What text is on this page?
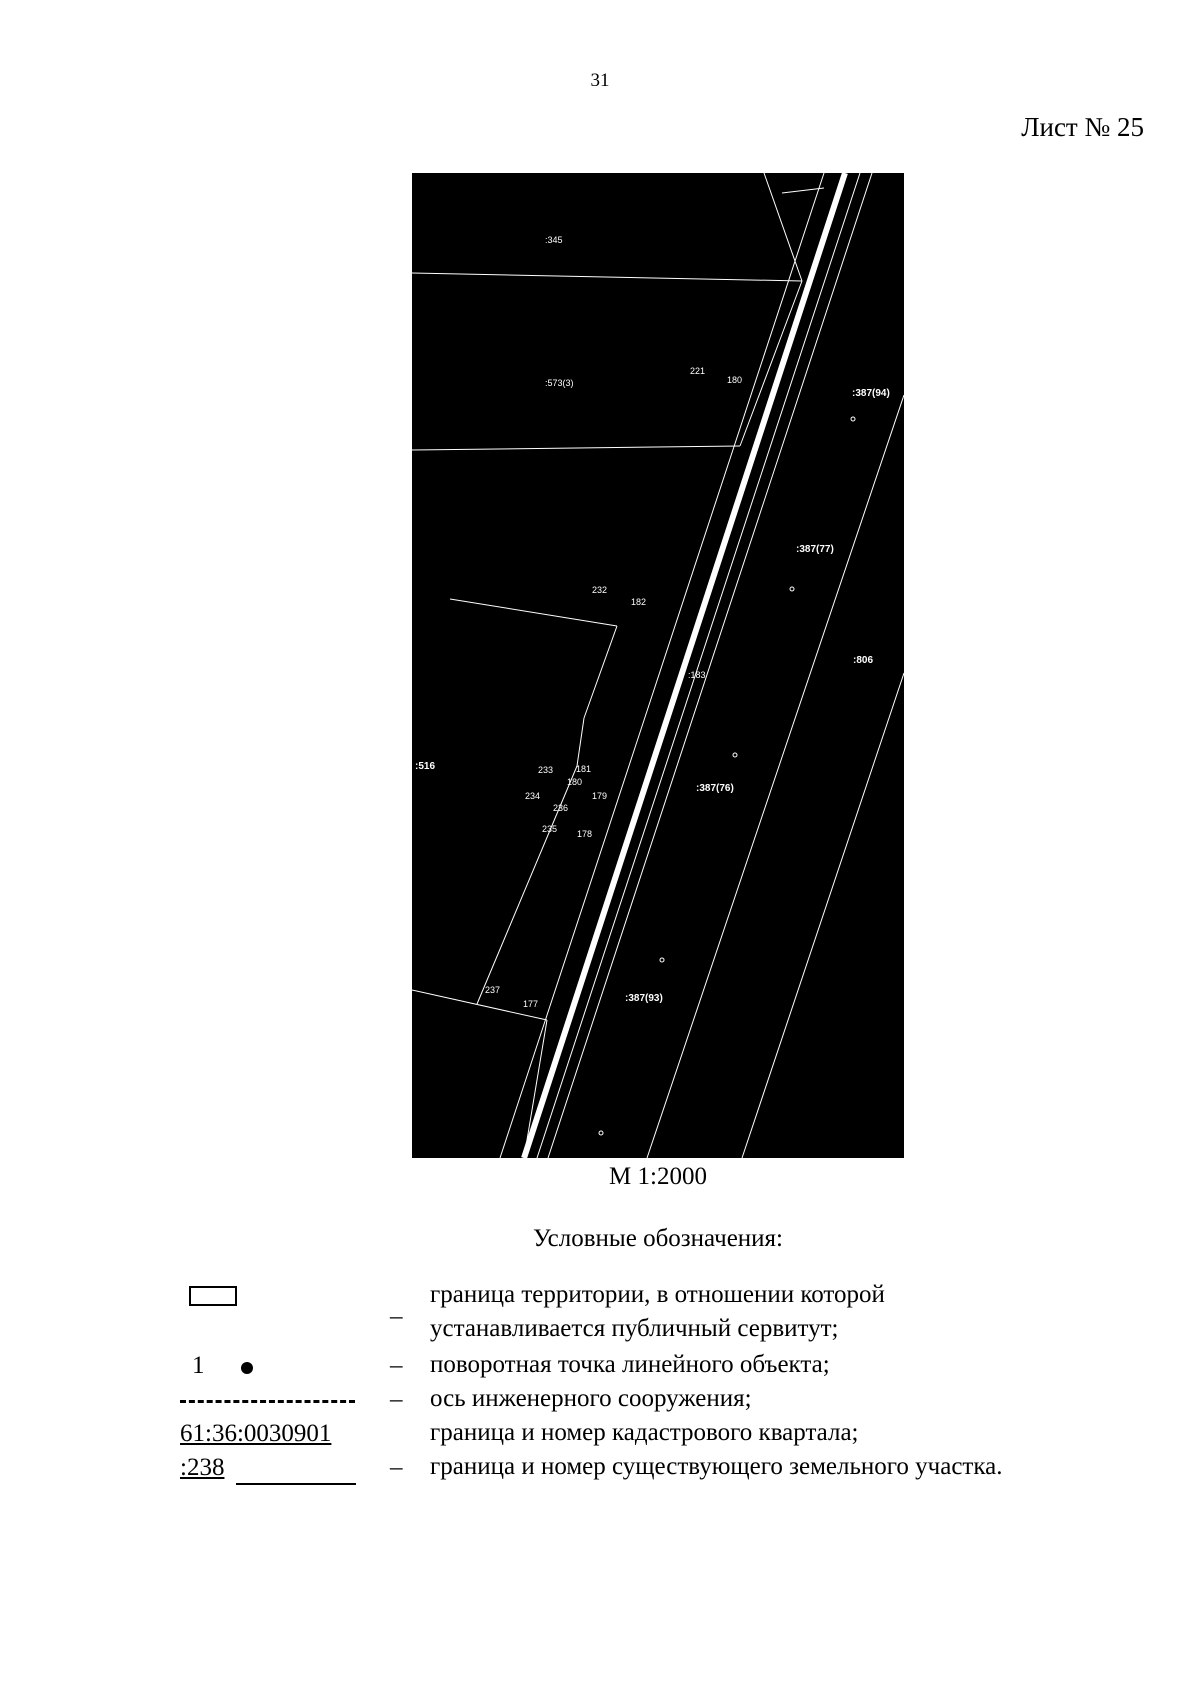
31
Лист № 25
:345
:573(3)
221
180
:387(94)
:387(77)
232
182
:806
:183
:516	233	181
180
179
234
236
235 178
:387(76)
237
177	:387(93)
М 1:2000
Условные обозначения:
_ граница территории, в отношении которой
устанавливается публичный сервитут;
1	– поворотная точка линейного объекта;
– ось инженерного сооружения;
61:36:0030901	граница и номер кадастрового квартала;
:238	– граница и номер существующего земельного участка.
